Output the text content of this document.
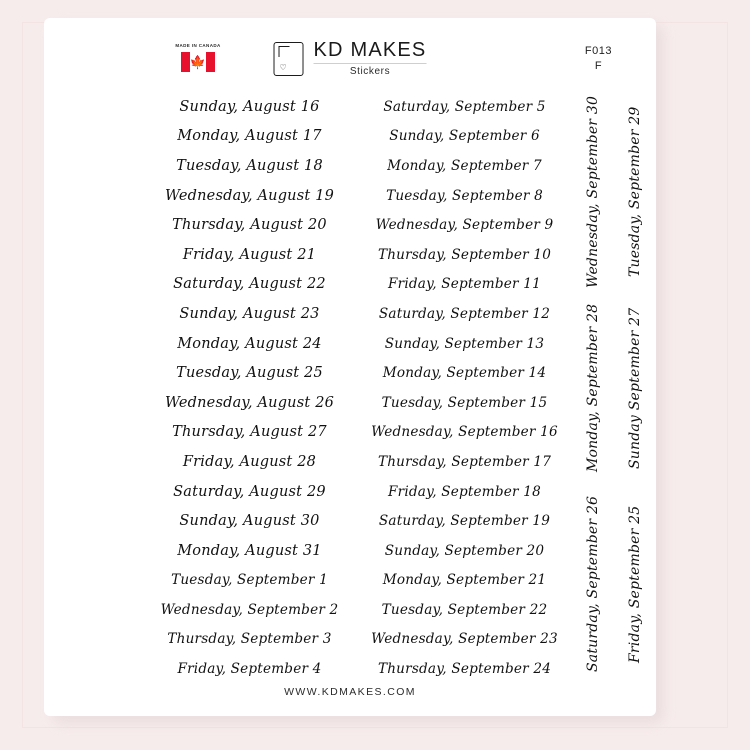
MADE IN CANADA
🍁	♡
KD MAKES
Stickers
F013
F
Sunday, August 16
Monday, August 17
Tuesday, August 18
Wednesday, August 19
Thursday, August 20
Friday, August 21
Saturday, August 22
Sunday, August 23
Monday, August 24
Tuesday, August 25
Wednesday, August 26
Thursday, August 27
Friday, August 28
Saturday, August 29
Sunday, August 30
Monday, August 31
Tuesday, September 1
Wednesday, September 2
Thursday, September 3
Friday, September 4
Saturday, September 5
Sunday, September 6
Monday, September 7
Tuesday, September 8
Wednesday, September 9
Thursday, September 10
Friday, September 11
Saturday, September 12
Sunday, September 13
Monday, September 14
Tuesday, September 15
Wednesday, September 16
Thursday, September 17
Friday, September 18
Saturday, September 19
Sunday, September 20
Monday, September 21
Tuesday, September 22
Wednesday, September 23
Thursday, September 24
Tuesday, September 29
Wednesday, September 30
Sunday September 27
Monday, September 28
Friday, September 25
Saturday, September 26
WWW.KDMAKES.COM
